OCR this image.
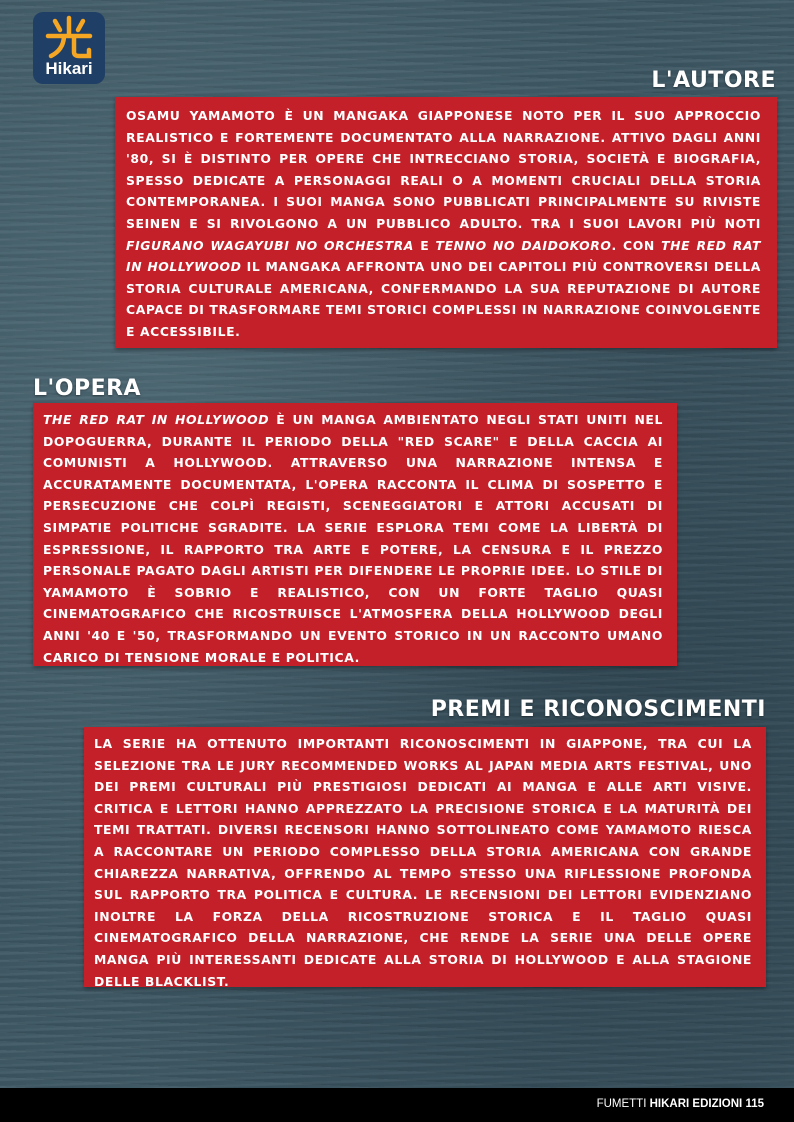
Hikari	L'AUTORE
OSAMU YAMAMOTO È UN MANGAKA GIAPPONESE NOTO PER IL SUO APPROCCIO REALISTICO E FORTEMENTE DOCUMENTATO ALLA NARRAZIONE. ATTIVO DAGLI ANNI '80, SI È DISTINTO PER OPERE CHE INTRECCIANO STORIA, SOCIETÀ E BIOGRAFIA, SPESSO DEDICATE A PERSONAGGI REALI O A MOMENTI CRUCIALI DELLA STORIA CONTEMPORANEA. I SUOI MANGA SONO PUBBLICATI PRINCIPALMENTE SU RIVISTE SEINEN E SI RIVOLGONO A UN PUBBLICO ADULTO. TRA I SUOI LAVORI PIÙ NOTI FIGURANO WAGAYUBI NO ORCHESTRA E TENNO NO DAIDOKORO. CON THE RED RAT IN HOLLYWOOD IL MANGAKA AFFRONTA UNO DEI CAPITOLI PIÙ CONTROVERSI DELLA STORIA CULTURALE AMERICANA, CONFERMANDO LA SUA REPUTAZIONE DI AUTORE CAPACE DI TRASFORMARE TEMI STORICI COMPLESSI IN NARRAZIONE COINVOLGENTE E ACCESSIBILE.
L'OPERA
THE RED RAT IN HOLLYWOOD È UN MANGA AMBIENTATO NEGLI STATI UNITI NEL DOPOGUERRA, DURANTE IL PERIODO DELLA "RED SCARE" E DELLA CACCIA AI COMUNISTI A HOLLYWOOD. ATTRAVERSO UNA NARRAZIONE INTENSA E ACCURATAMENTE DOCUMENTATA, L'OPERA RACCONTA IL CLIMA DI SOSPETTO E PERSECUZIONE CHE COLPÌ REGISTI, SCENEGGIATORI E ATTORI ACCUSATI DI SIMPATIE POLITICHE SGRADITE. LA SERIE ESPLORA TEMI COME LA LIBERTÀ DI ESPRESSIONE, IL RAPPORTO TRA ARTE E POTERE, LA CENSURA E IL PREZZO PERSONALE PAGATO DAGLI ARTISTI PER DIFENDERE LE PROPRIE IDEE. LO STILE DI YAMAMOTO È SOBRIO E REALISTICO, CON UN FORTE TAGLIO QUASI CINEMATOGRAFICO CHE RICOSTRUISCE L'ATMOSFERA DELLA HOLLYWOOD DEGLI ANNI '40 E '50, TRASFORMANDO UN EVENTO STORICO IN UN RACCONTO UMANO CARICO DI TENSIONE MORALE E POLITICA.
PREMI E RICONOSCIMENTI
LA SERIE HA OTTENUTO IMPORTANTI RICONOSCIMENTI IN GIAPPONE, TRA CUI LA SELEZIONE TRA LE JURY RECOMMENDED WORKS AL JAPAN MEDIA ARTS FESTIVAL, UNO DEI PREMI CULTURALI PIÙ PRESTIGIOSI DEDICATI AI MANGA E ALLE ARTI VISIVE. CRITICA E LETTORI HANNO APPREZZATO LA PRECISIONE STORICA E LA MATURITÀ DEI TEMI TRATTATI. DIVERSI RECENSORI HANNO SOTTOLINEATO COME YAMAMOTO RIESCA A RACCONTARE UN PERIODO COMPLESSO DELLA STORIA AMERICANA CON GRANDE CHIAREZZA NARRATIVA, OFFRENDO AL TEMPO STESSO UNA RIFLESSIONE PROFONDA SUL RAPPORTO TRA POLITICA E CULTURA. LE RECENSIONI DEI LETTORI EVIDENZIANO INOLTRE LA FORZA DELLA RICOSTRUZIONE STORICA E IL TAGLIO QUASI CINEMATOGRAFICO DELLA NARRAZIONE, CHE RENDE LA SERIE UNA DELLE OPERE MANGA PIÙ INTERESSANTI DEDICATE ALLA STORIA DI HOLLYWOOD E ALLA STAGIONE DELLE BLACKLIST.
FUMETTI HIKARI EDIZIONI 115
